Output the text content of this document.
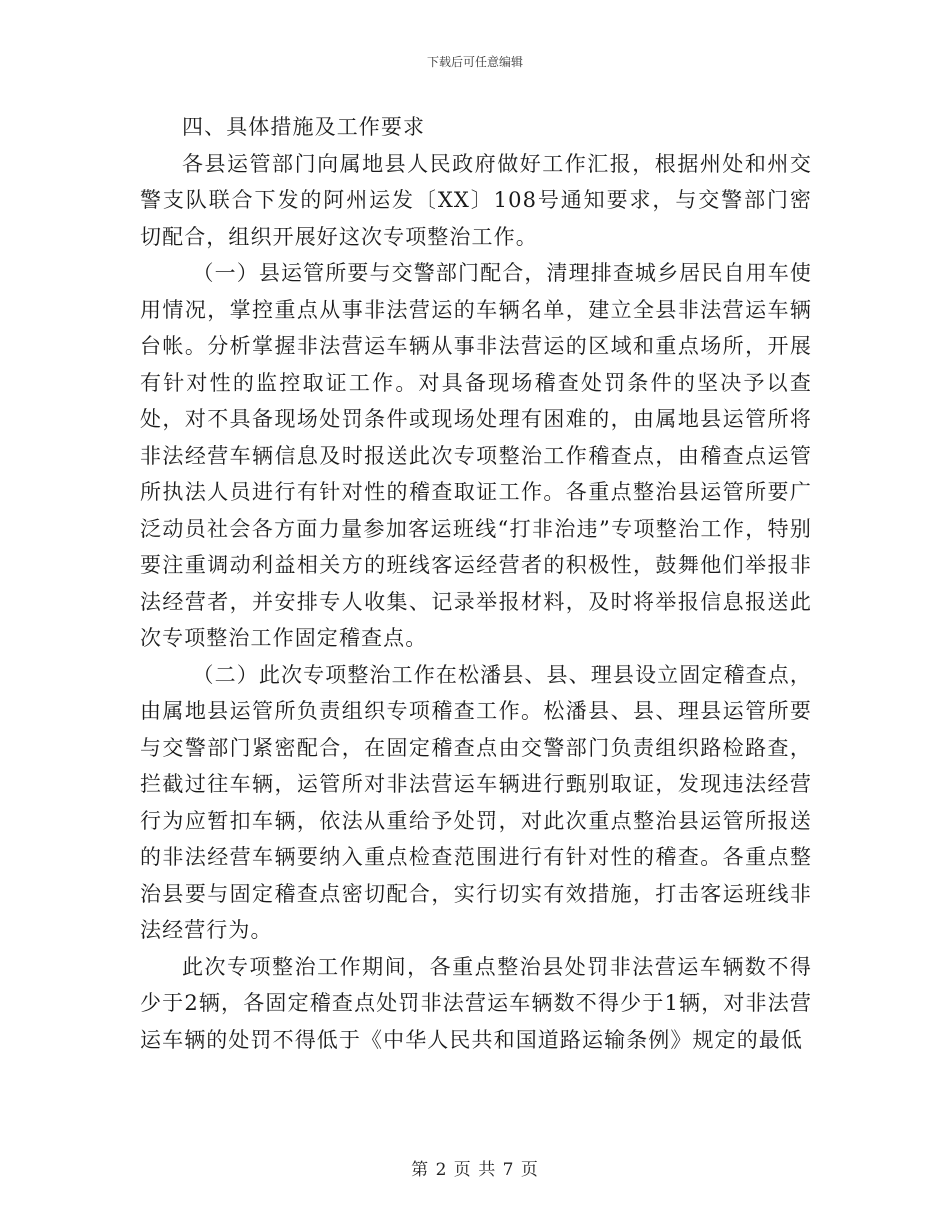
下载后可任意编辑

四、具体措施及工作要求

各县运管部门向属地县人民政府做好工作汇报，根据州处和州交警支队联合下发的阿州运发〔XX〕108号通知要求，与交警部门密切配合，组织开展好这次专项整治工作。

（一）县运管所要与交警部门配合，清理排查城乡居民自用车使用情况，掌控重点从事非法营运的车辆名单，建立全县非法营运车辆台帐。分析掌握非法营运车辆从事非法营运的区域和重点场所，开展有针对性的监控取证工作。对具备现场稽查处罚条件的坚决予以查处，对不具备现场处罚条件或现场处理有困难的，由属地县运管所将非法经营车辆信息及时报送此次专项整治工作稽查点，由稽查点运管所执法人员进行有针对性的稽查取证工作。各重点整治县运管所要广泛动员社会各方面力量参加客运班线“打非治违”专项整治工作，特别要注重调动利益相关方的班线客运经营者的积极性，鼓舞他们举报非法经营者，并安排专人收集、记录举报材料，及时将举报信息报送此次专项整治工作固定稽查点。

（二）此次专项整治工作在松潘县、县、理县设立固定稽查点，由属地县运管所负责组织专项稽查工作。松潘县、县、理县运管所要与交警部门紧密配合，在固定稽查点由交警部门负责组织路检路查，拦截过往车辆，运管所对非法营运车辆进行甄别取证，发现违法经营行为应暂扣车辆，依法从重给予处罚，对此次重点整治县运管所报送的非法经营车辆要纳入重点检查范围进行有针对性的稽查。各重点整治县要与固定稽查点密切配合，实行切实有效措施，打击客运班线非法经营行为。

此次专项整治工作期间，各重点整治县处罚非法营运车辆数不得少于2辆，各固定稽查点处罚非法营运车辆数不得少于1辆，对非法营运车辆的处罚不得低于《中华人民共和国道路运输条例》规定的最低

第 2 页 共 7 页
